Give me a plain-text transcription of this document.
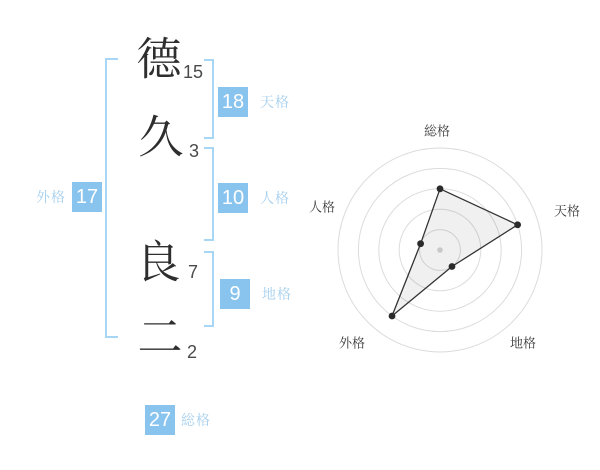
德
久
良
二
15
3
7
2
18
10
9
17
27
天格
人格
地格
外格
総格
総格
天格
地格
外格
人格
